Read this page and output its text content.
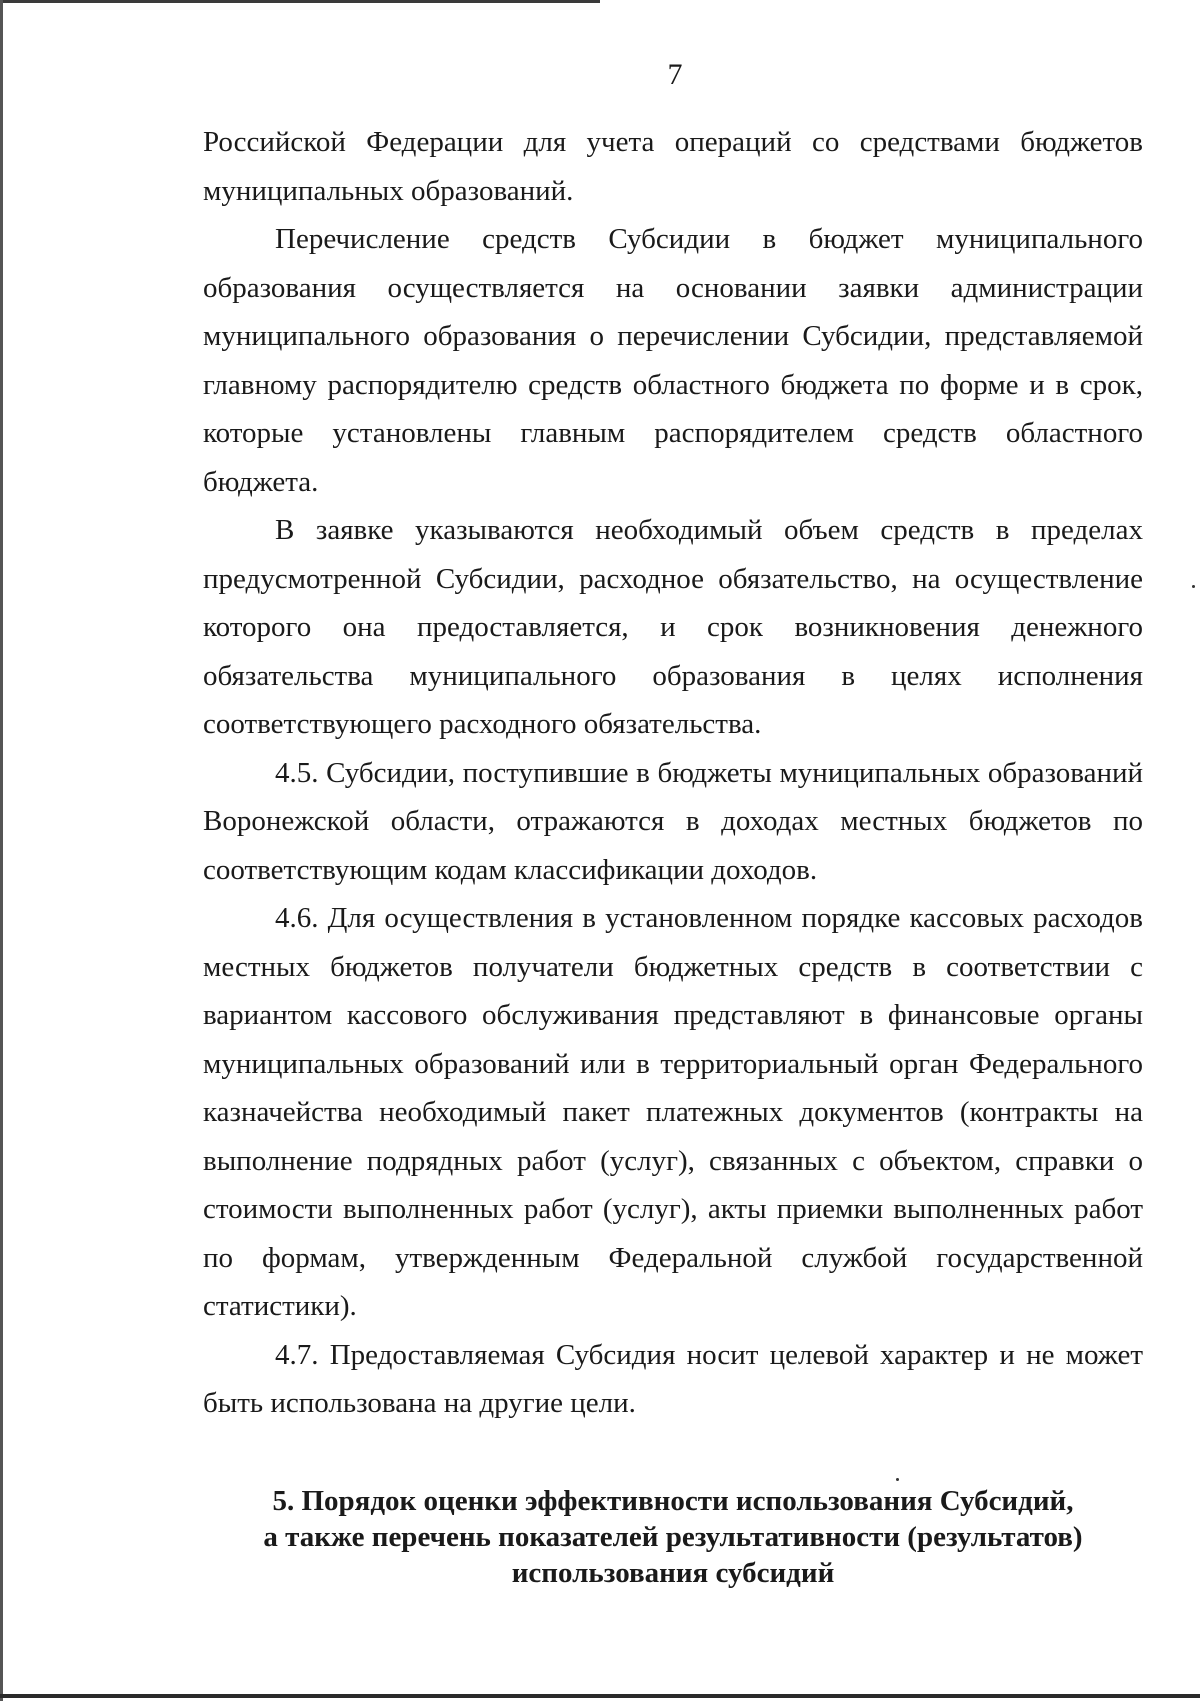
7

Российской Федерации для учета операций со средствами бюджетов муниципальных образований.

Перечисление средств Субсидии в бюджет муниципального образования осуществляется на основании заявки администрации муниципального образования о перечислении Субсидии, представляемой главному распорядителю средств областного бюджета по форме и в срок, которые установлены главным распорядителем средств областного бюджета.

В заявке указываются необходимый объем средств в пределах предусмотренной Субсидии, расходное обязательство, на осуществление которого она предоставляется, и срок возникновения денежного обязательства муниципального образования в целях исполнения соответствующего расходного обязательства.

4.5. Субсидии, поступившие в бюджеты муниципальных образований Воронежской области, отражаются в доходах местных бюджетов по соответствующим кодам классификации доходов.

4.6. Для осуществления в установленном порядке кассовых расходов местных бюджетов получатели бюджетных средств в соответствии с вариантом кассового обслуживания представляют в финансовые органы муниципальных образований или в территориальный орган Федерального казначейства необходимый пакет платежных документов (контракты на выполнение подрядных работ (услуг), связанных с объектом, справки о стоимости выполненных работ (услуг), акты приемки выполненных работ по формам, утвержденным Федеральной службой государственной статистики).

4.7. Предоставляемая Субсидия носит целевой характер и не может быть использована на другие цели.

5. Порядок оценки эффективности использования Субсидий,
а также перечень показателей результативности (результатов)
использования субсидий
